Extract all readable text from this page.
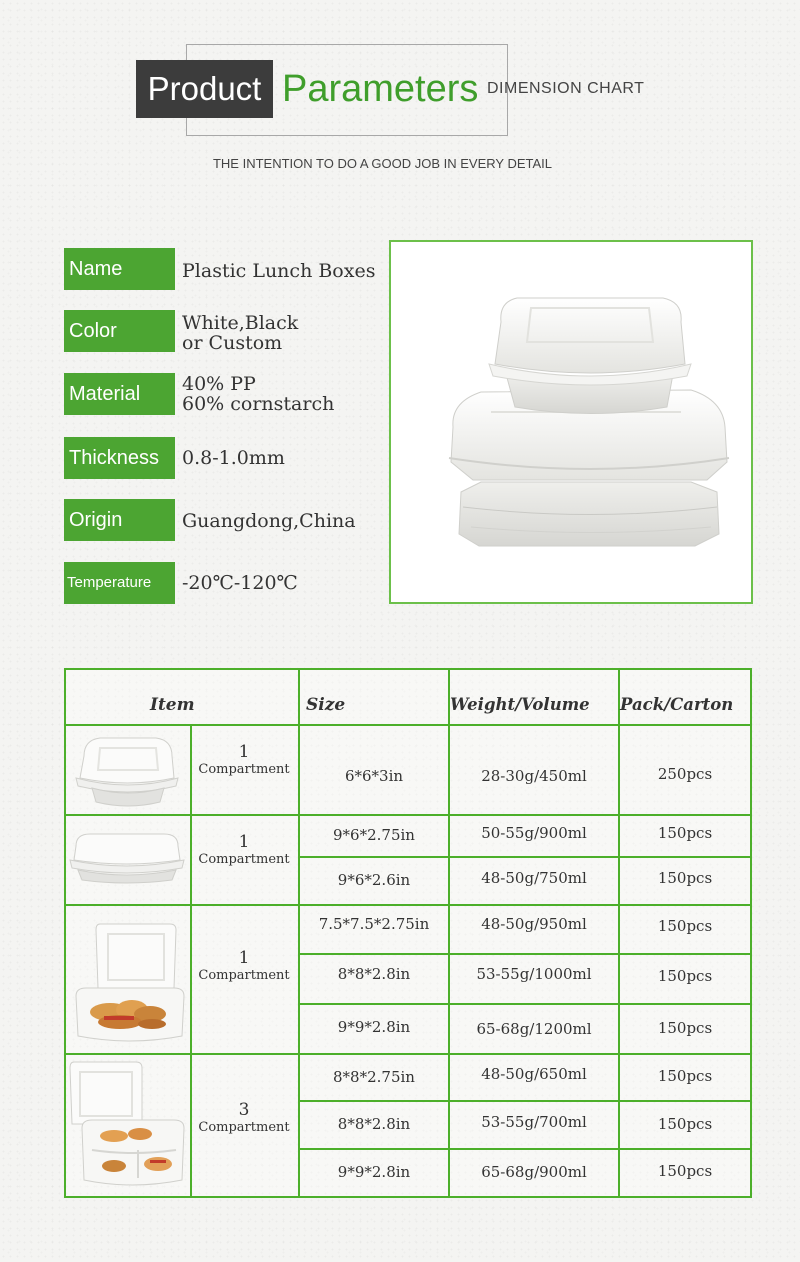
Product Parameters DIMENSION CHART
THE INTENTION TO DO A GOOD JOB IN EVERY DETAIL
Name	Plastic Lunch Boxes
Color	White,Black
or Custom
Material	40% PP
60% cornstarch
Thickness	0.8-1.0mm
Origin	Guangdong,China
Temperature	-20℃-120℃
Item	Size	Weight/Volume Pack/Carton
1
Compartment	6*6*3in	28-30g/450ml	250pcs
1
Compartment
9*6*2.75in	50-55g/900ml	150pcs
9*6*2.6in	48-50g/750ml	150pcs
1
Compartment
7.5*7.5*2.75in	48-50g/950ml	150pcs
8*8*2.8in	53-55g/1000ml	150pcs
9*9*2.8in	65-68g/1200ml	150pcs
3
Compartment
8*8*2.75in	48-50g/650ml	150pcs
8*8*2.8in	53-55g/700ml	150pcs
9*9*2.8in	65-68g/900ml	150pcs
